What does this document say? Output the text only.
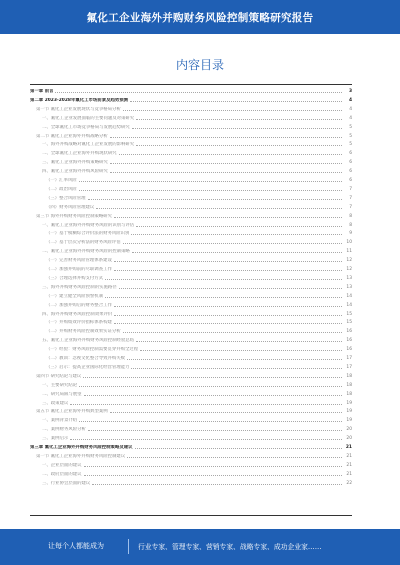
氟化工企业海外并购财务风险控制策略研究报告
内容目录
第一章 前言	3
第二章 2023-2028年氟化工市场前景及趋势预测	4
第一节 氟化工企业发展现状与竞争格局分析	4
一、氟化工企业发展面临的主要问题及对策研究	4
二、全球氟化工市场竞争格局与发展趋势研究	5
第二节 氟化工企业海外并购战略分析	5
一、海外并购战略对氟化工企业发展的影响研究	5
二、全球氟化工企业海外并购现状研究	6
三、氟化工企业海外并购策略研究	6
四、氟化工企业海外并购风险研究	6
（一）汇率风险	6
（二）政治风险	7
（三）整合风险管理	7
（四）财务风险管理建议	7
第三节 海外并购财务风险控制策略研究	8
一、氟化工企业海外并购财务风险的识别与评估	8
（一）基于模糊综合评价法的财务风险识别	9
（二）基于层次分析法的财务风险评估	10
二、氟化工企业海外并购财务风险的控制策略	11
（一）完善财务风险管理体系建设	12
（二）加强并购前的尽职调查工作	12
（三）合理选择并购支付方式	13
三、海外并购财务风险控制的实施路径	13
（一）建立健全风险预警机制	14
（二）加强并购后的财务整合工作	14
四、海外并购财务风险控制效果评价	15
（一）并购绩效评价指标体系构建	15
（二）并购财务风险控制效果实证分析	16
五、氟化工企业海外并购财务风险控制经验总结	16
（一）经验：财务风险控制需要贯穿并购全过程	16
（二）教训：忽视文化整合导致并购失败	17
（三）启示：提高企业国际化经营管理能力	17
第四节 研究结论与建议	18
一、主要研究结论	18
二、研究局限与展望	18
三、政策建议	19
第五节 氟化工企业海外并购典型案例	19
一、案例背景介绍	19
二、案例财务风险分析	20
三、案例启示	20
第三章 氟化工企业海外并购财务风险控制策略及建议	21
第一节 氟化工企业海外并购财务风险控制建议	21
一、企业层面的建议	21
二、政府层面的建议	21
三、行业协会层面的建议	22
让每个人都能成为	行业专家、管理专家、营销专家、战略专家、成功企业家……
